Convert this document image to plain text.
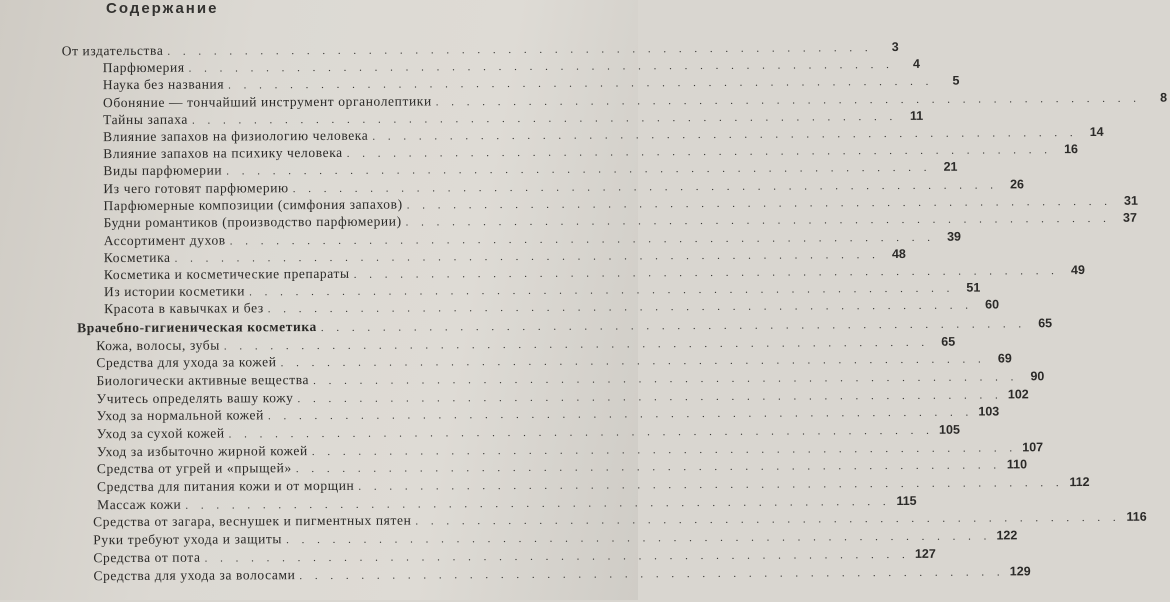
Содержание
От издательства . . . . . . . . . . . . . . . . . . . . . . . . . . . . . . . . . . . . . . . . . . . . . .	3
Парфюмерия . . . . . . . . . . . . . . . . . . . . . . . . . . . . . . . . . . . . . . . . . . . . . .	4
Наука без названия . . . . . . . . . . . . . . . . . . . . . . . . . . . . . . . . . . . . . . . . . . . . . .	5
Обоняние — тончайший инструмент органолептики . . . . . . . . . . . . . . . . . . . . . . . . . . . . . . . . . . . . . . . . . . . . . .	8
Тайны запаха . . . . . . . . . . . . . . . . . . . . . . . . . . . . . . . . . . . . . . . . . . . . . .	11
Влияние запахов на физиологию человека . . . . . . . . . . . . . . . . . . . . . . . . . . . . . . . . . . . . . . . . . . . . . . 14
Влияние запахов на психику человека . . . . . . . . . . . . . . . . . . . . . . . . . . . . . . . . . . . . . . . . . . . . . . 16
Виды парфюмерии . . . . . . . . . . . . . . . . . . . . . . . . . . . . . . . . . . . . . . . . . . . . . . 21
Из чего готовят парфюмерию . . . . . . . . . . . . . . . . . . . . . . . . . . . . . . . . . . . . . . . . . . . . . . 26
Парфюмерные композиции (симфония запахов) . . . . . . . . . . . . . . . . . . . . . . . . . . . . . . . . . . . . . . . . . . . . . . 31
Будни романтиков (производство парфюмерии) . . . . . . . . . . . . . . . . . . . . . . . . . . . . . . . . . . . . . . . . . . . . . . 37
Ассортимент духов . . . . . . . . . . . . . . . . . . . . . . . . . . . . . . . . . . . . . . . . . . . . . . 39
Косметика . . . . . . . . . . . . . . . . . . . . . . . . . . . . . . . . . . . . . . . . . . . . . . 48
Косметика и косметические препараты . . . . . . . . . . . . . . . . . . . . . . . . . . . . . . . . . . . . . . . . . . . . . . 49
Из истории косметики . . . . . . . . . . . . . . . . . . . . . . . . . . . . . . . . . . . . . . . . . . . . . . 51
Красота в кавычках и без . . . . . . . . . . . . . . . . . . . . . . . . . . . . . . . . . . . . . . . . . . . . . . 60
Врачебно-гигиеническая косметика . . . . . . . . . . . . . . . . . . . . . . . . . . . . . . . . . . . . . . . . . . . . . . 65
Кожа, волосы, зубы . . . . . . . . . . . . . . . . . . . . . . . . . . . . . . . . . . . . . . . . . . . . . . 65
Средства для ухода за кожей . . . . . . . . . . . . . . . . . . . . . . . . . . . . . . . . . . . . . . . . . . . . . . 69
Биологически активные вещества . . . . . . . . . . . . . . . . . . . . . . . . . . . . . . . . . . . . . . . . . . . . . . 90
Учитесь определять вашу кожу . . . . . . . . . . . . . . . . . . . . . . . . . . . . . . . . . . . . . . . . . . . . . . 102
Уход за нормальной кожей . . . . . . . . . . . . . . . . . . . . . . . . . . . . . . . . . . . . . . . . . . . . . . 103
Уход за сухой кожей . . . . . . . . . . . . . . . . . . . . . . . . . . . . . . . . . . . . . . . . . . . . . . 105
Уход за избыточно жирной кожей . . . . . . . . . . . . . . . . . . . . . . . . . . . . . . . . . . . . . . . . . . . . . . 107
Средства от угрей и «прыщей» . . . . . . . . . . . . . . . . . . . . . . . . . . . . . . . . . . . . . . . . . . . . . . 110
Средства для питания кожи и от морщин . . . . . . . . . . . . . . . . . . . . . . . . . . . . . . . . . . . . . . . . . . . . . . 112
Массаж кожи . . . . . . . . . . . . . . . . . . . . . . . . . . . . . . . . . . . . . . . . . . . . . . 115
Средства от загара, веснушек и пигментных пятен . . . . . . . . . . . . . . . . . . . . . . . . . . . . . . . . . . . . . . . . . . . . . . 116
Руки требуют ухода и защиты . . . . . . . . . . . . . . . . . . . . . . . . . . . . . . . . . . . . . . . . . . . . . . 122
Средства от пота . . . . . . . . . . . . . . . . . . . . . . . . . . . . . . . . . . . . . . . . . . . . . . 127
Средства для ухода за волосами . . . . . . . . . . . . . . . . . . . . . . . . . . . . . . . . . . . . . . . . . . . . . . 129
